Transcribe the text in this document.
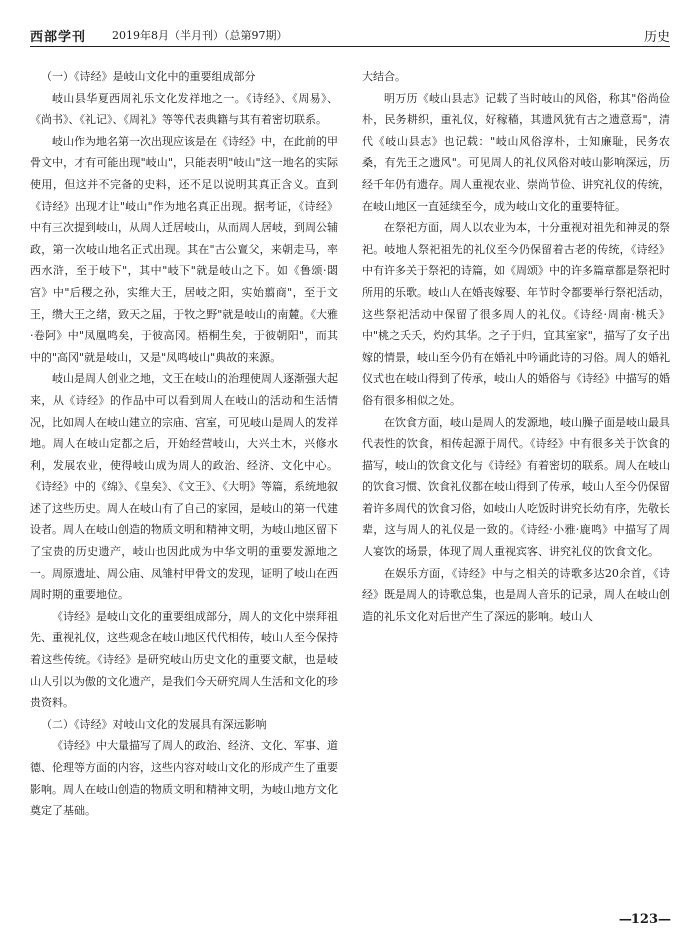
西部学刊 2019年8月（半月刊）（总第97期）	历史

（一）《诗经》是岐山文化中的重要组成部分

岐山县华夏西周礼乐文化发祥地之一。《诗经》、《周易》、《尚书》、《礼记》、《周礼》等等代表典籍与其有着密切联系。

岐山作为地名第一次出现应该是在《诗经》中，在此前的甲骨文中，才有可能出现"岐山"，只能表明"岐山"这一地名的实际使用，但这并不完备的史料，还不足以说明其真正含义。直到《诗经》出现才让"岐山"作为地名真正出现。据考证，《诗经》中有三次提到岐山，从周人迁居岐山，从而周人居岐，到周公辅政，第一次岐山地名正式出现。其在"古公亶父，来朝走马，率西水浒，至于岐下"，其中"岐下"就是岐山之下。如《鲁颂·閟宫》中"后稷之孙，实维大王，居岐之阳，实始翦商"，至于文王，缵大王之绪，致天之届，于牧之野"就是岐山的南麓。《大雅·卷阿》中"凤凰鸣矣，于彼高冈。梧桐生矣，于彼朝阳"，而其中的"高冈"就是岐山，又是"凤鸣岐山"典故的来源。

岐山是周人创业之地，文王在岐山的治理使周人逐渐强大起来，从《诗经》的作品中可以看到周人在岐山的活动和生活情况，比如周人在岐山建立的宗庙、宫室，可见岐山是周人的发祥地。周人在岐山定都之后，开始经营岐山，大兴土木，兴修水利，发展农业，使得岐山成为周人的政治、经济、文化中心。《诗经》中的《绵》、《皇矣》、《文王》、《大明》等篇，系统地叙述了这些历史。周人在岐山有了自己的家园，是岐山的第一代建设者。周人在岐山创造的物质文明和精神文明，为岐山地区留下了宝贵的历史遗产，岐山也因此成为中华文明的重要发源地之一。周原遗址、周公庙、凤雏村甲骨文的发现，证明了岐山在西周时期的重要地位。

《诗经》是岐山文化的重要组成部分，周人的文化中崇拜祖先、重视礼仪，这些观念在岐山地区代代相传，岐山人至今保持着这些传统。《诗经》是研究岐山历史文化的重要文献，也是岐山人引以为傲的文化遗产，是我们今天研究周人生活和文化的珍贵资料。

（二）《诗经》对岐山文化的发展具有深远影响

《诗经》中大量描写了周人的政治、经济、文化、军事、道德、伦理等方面的内容，这些内容对岐山文化的形成产生了重要影响。周人在岐山创造的物质文明和精神文明，为岐山地方文化奠定了基础。

大结合。

明万历《岐山县志》记载了当时岐山的风俗，称其"俗尚俭朴，民务耕织，重礼仪，好稼穑，其遗风犹有古之遗意焉"，清代《岐山县志》也记载："岐山风俗淳朴，士知廉耻，民务农桑，有先王之遗风"。可见周人的礼仪风俗对岐山影响深远，历经千年仍有遗存。周人重视农业、崇尚节俭、讲究礼仪的传统，在岐山地区一直延续至今，成为岐山文化的重要特征。

在祭祀方面，周人以农业为本，十分重视对祖先和神灵的祭祀。岐地人祭祀祖先的礼仪至今仍保留着古老的传统，《诗经》中有许多关于祭祀的诗篇，如《周颂》中的许多篇章都是祭祀时所用的乐歌。岐山人在婚丧嫁娶、年节时令都要举行祭祀活动，这些祭祀活动中保留了很多周人的礼仪。《诗经·周南·桃夭》中"桃之夭夭，灼灼其华。之子于归，宜其室家"，描写了女子出嫁的情景，岐山至今仍有在婚礼中吟诵此诗的习俗。周人的婚礼仪式也在岐山得到了传承，岐山人的婚俗与《诗经》中描写的婚俗有很多相似之处。

在饮食方面，岐山是周人的发源地，岐山臊子面是岐山最具代表性的饮食，相传起源于周代。《诗经》中有很多关于饮食的描写，岐山的饮食文化与《诗经》有着密切的联系。周人在岐山的饮食习惯、饮食礼仪都在岐山得到了传承，岐山人至今仍保留着许多周代的饮食习俗，如岐山人吃饭时讲究长幼有序，先敬长辈，这与周人的礼仪是一致的。《诗经·小雅·鹿鸣》中描写了周人宴饮的场景，体现了周人重视宾客、讲究礼仪的饮食文化。

在娱乐方面，《诗经》中与之相关的诗歌多达20余首，《诗经》既是周人的诗歌总集，也是周人音乐的记录，周人在岐山创造的礼乐文化对后世产生了深远的影响。岐山人

—123—
